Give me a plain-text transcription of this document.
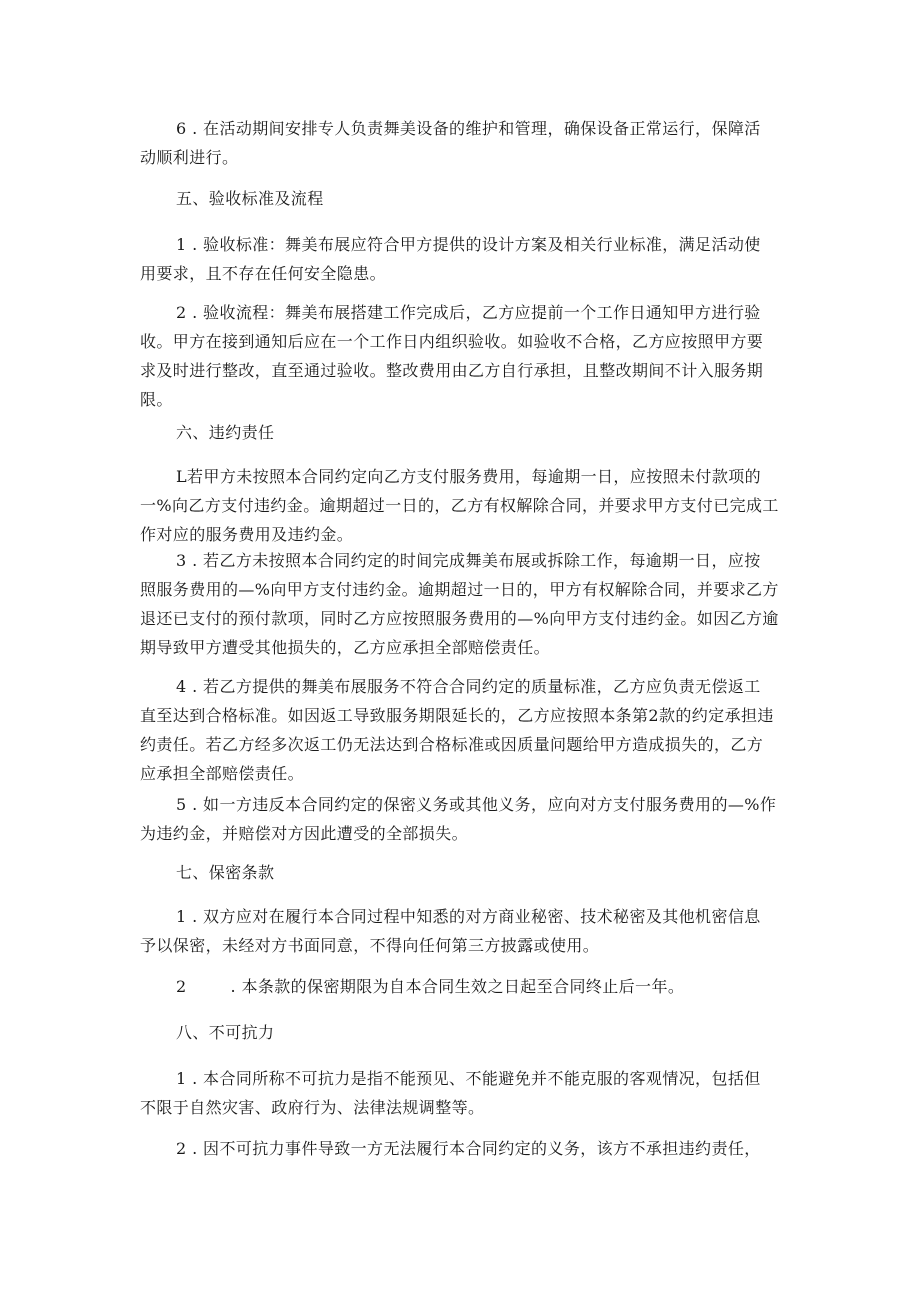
6 . 在活动期间安排专人负责舞美设备的维护和管理，确保设备正常运行，保障活
动顺利进行。

五、验收标准及流程

1 . 验收标准：舞美布展应符合甲方提供的设计方案及相关行业标准，满足活动使
用要求，且不存在任何安全隐患。

2 . 验收流程：舞美布展搭建工作完成后，乙方应提前一个工作日通知甲方进行验
收。甲方在接到通知后应在一个工作日内组织验收。如验收不合格，乙方应按照甲方要
求及时进行整改，直至通过验收。整改费用由乙方自行承担，且整改期间不计入服务期
限。

六、违约责任

L若甲方未按照本合同约定向乙方支付服务费用，每逾期一日，应按照未付款项的
一%向乙方支付违约金。逾期超过一日的，乙方有权解除合同，并要求甲方支付已完成工
作对应的服务费用及违约金。

3 . 若乙方未按照本合同约定的时间完成舞美布展或拆除工作，每逾期一日，应按
照服务费用的—%向甲方支付违约金。逾期超过一日的，甲方有权解除合同，并要求乙方
退还已支付的预付款项，同时乙方应按照服务费用的—%向甲方支付违约金。如因乙方逾
期导致甲方遭受其他损失的，乙方应承担全部赔偿责任。

4 . 若乙方提供的舞美布展服务不符合合同约定的质量标准，乙方应负责无偿返工
直至达到合格标准。如因返工导致服务期限延长的，乙方应按照本条第2款的约定承担违
约责任。若乙方经多次返工仍无法达到合格标准或因质量问题给甲方造成损失的，乙方
应承担全部赔偿责任。

5 . 如一方违反本合同约定的保密义务或其他义务，应向对方支付服务费用的—%作
为违约金，并赔偿对方因此遭受的全部损失。

七、保密条款

1 . 双方应对在履行本合同过程中知悉的对方商业秘密、技术秘密及其他机密信息
予以保密，未经对方书面同意，不得向任何第三方披露或使用。

2        . 本条款的保密期限为自本合同生效之日起至合同终止后一年。

八、不可抗力

1 . 本合同所称不可抗力是指不能预见、不能避免并不能克服的客观情况，包括但
不限于自然灾害、政府行为、法律法规调整等。

2 . 因不可抗力事件导致一方无法履行本合同约定的义务，该方不承担违约责任，
